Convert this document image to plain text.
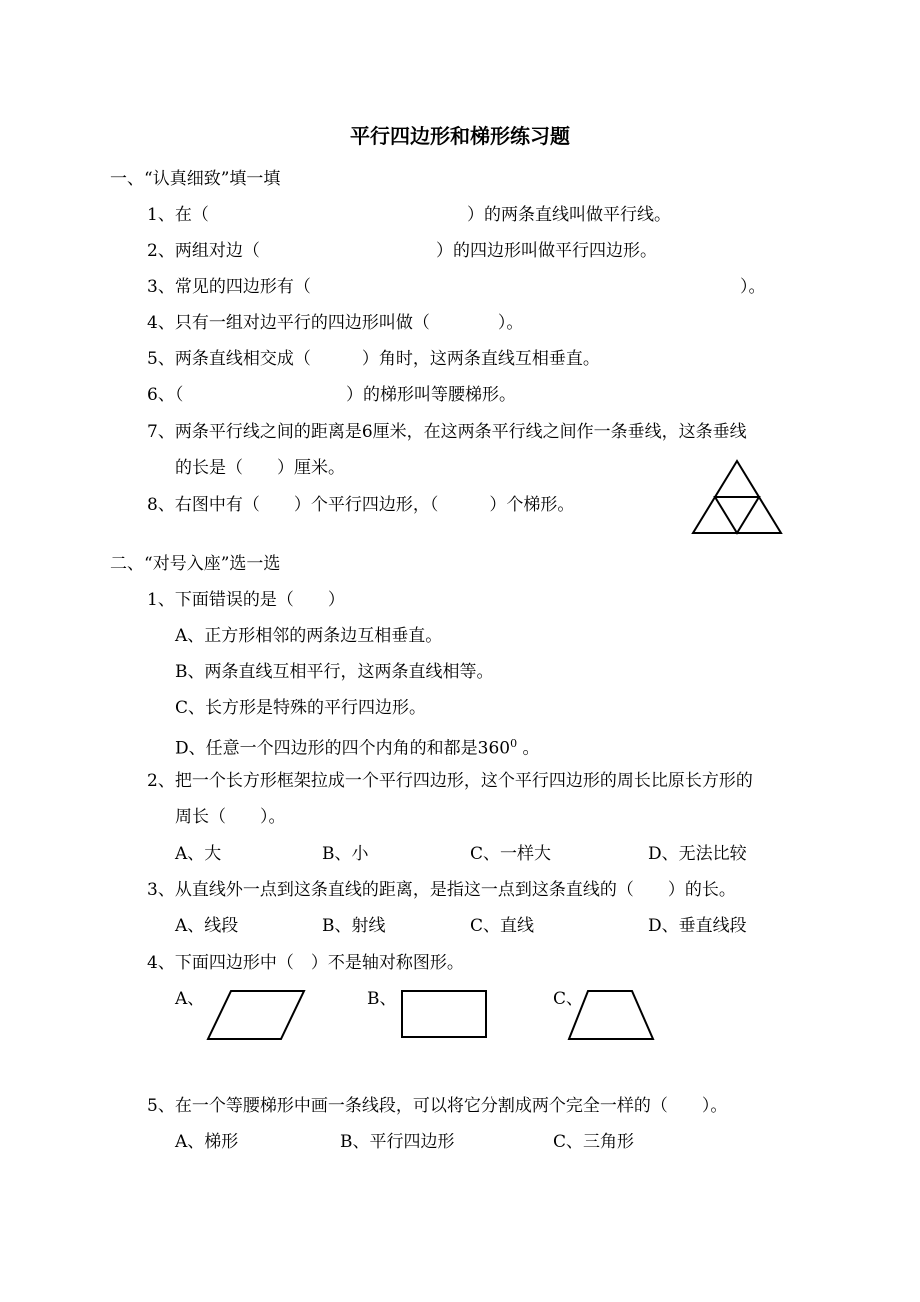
平行四边形和梯形练习题
一、“认真细致”填一填
1、在（	）的两条直线叫做平行线。
2、两组对边（	）的四边形叫做平行四边形。
3、常见的四边形有（	）。
4、只有一组对边平行的四边形叫做（　　　　）。
5、两条直线相交成（　　　）角时，这两条直线互相垂直。
6、（	）的梯形叫等腰梯形。
7、两条平行线之间的距离是6厘米，在这两条平行线之间作一条垂线，这条垂线
的长是（　　）厘米。
8、右图中有（　　）个平行四边形，（　　　）个梯形。
二、“对号入座”选一选
1、下面错误的是（　　）
A、正方形相邻的两条边互相垂直。
B、两条直线互相平行，这两条直线相等。
C、长方形是特殊的平行四边形。
D、任意一个四边形的四个内角的和都是$360^0$ 。
2、把一个长方形框架拉成一个平行四边形，这个平行四边形的周长比原长方形的
周长（　　）。
A、大	B、小	C、一样大	D、无法比较
3、从直线外一点到这条直线的距离，是指这一点到这条直线的（　　）的长。
A、线段	B、射线	C、直线	D、垂直线段
4、下面四边形中（　）不是轴对称图形。
A、	B、	C、
5、在一个等腰梯形中画一条线段，可以将它分割成两个完全一样的（　　）。
A、梯形	B、平行四边形	C、三角形
